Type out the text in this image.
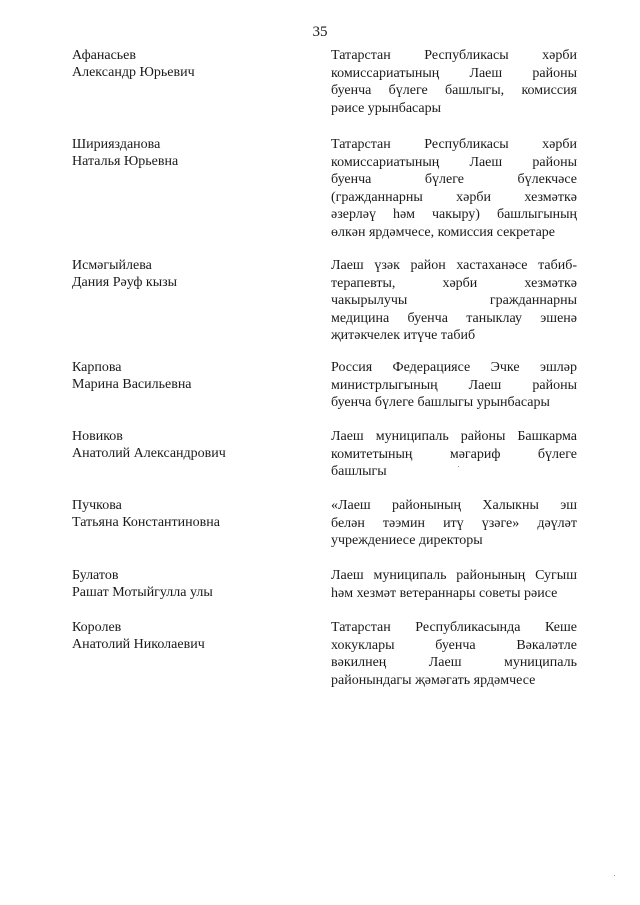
35
Афанасьев
Александр Юрьевич
Татарстан Республикасы хәрби
комиссариатының Лаеш районы
буенча бүлеге башлыгы, комиссия
рәисе урынбасары
Шириязданова
Наталья Юрьевна
Татарстан Республикасы хәрби
комиссариатының Лаеш районы
буенча бүлеге бүлекчәсе
(гражданнарны хәрби хезмәткә
әзерләү һәм чакыру) башлыгының
өлкән ярдәмчесе, комиссия секретаре
Исмәгыйлева
Дания Рәуф кызы
Лаеш үзәк район хастаханәсе табиб-
терапевты, хәрби хезмәткә
чакырылучы гражданнарны
медицина буенча таныклау эшенә
җитәкчелек итүче табиб
Карпова
Марина Васильевна
Россия Федерациясе Эчке эшләр
министрлыгының Лаеш районы
буенча бүлеге башлыгы урынбасары
Новиков
Анатолий Александрович
Лаеш муниципаль районы Башкарма
комитетының мәгариф бүлеге
башлыгы
Пучкова
Татьяна Константиновна
«Лаеш районының Халыкны эш
белән тәэмин итү үзәге» дәүләт
учреждениесе директоры
Булатов
Рашат Мотыйгулла улы
Лаеш муниципаль районының Сугыш
һәм хезмәт ветераннары советы рәисе
Королев
Анатолий Николаевич
Татарстан Республикасында Кеше
хокуклары буенча Вәкаләтле
вәкилнең Лаеш муниципаль
районындагы җәмәгать ярдәмчесе
